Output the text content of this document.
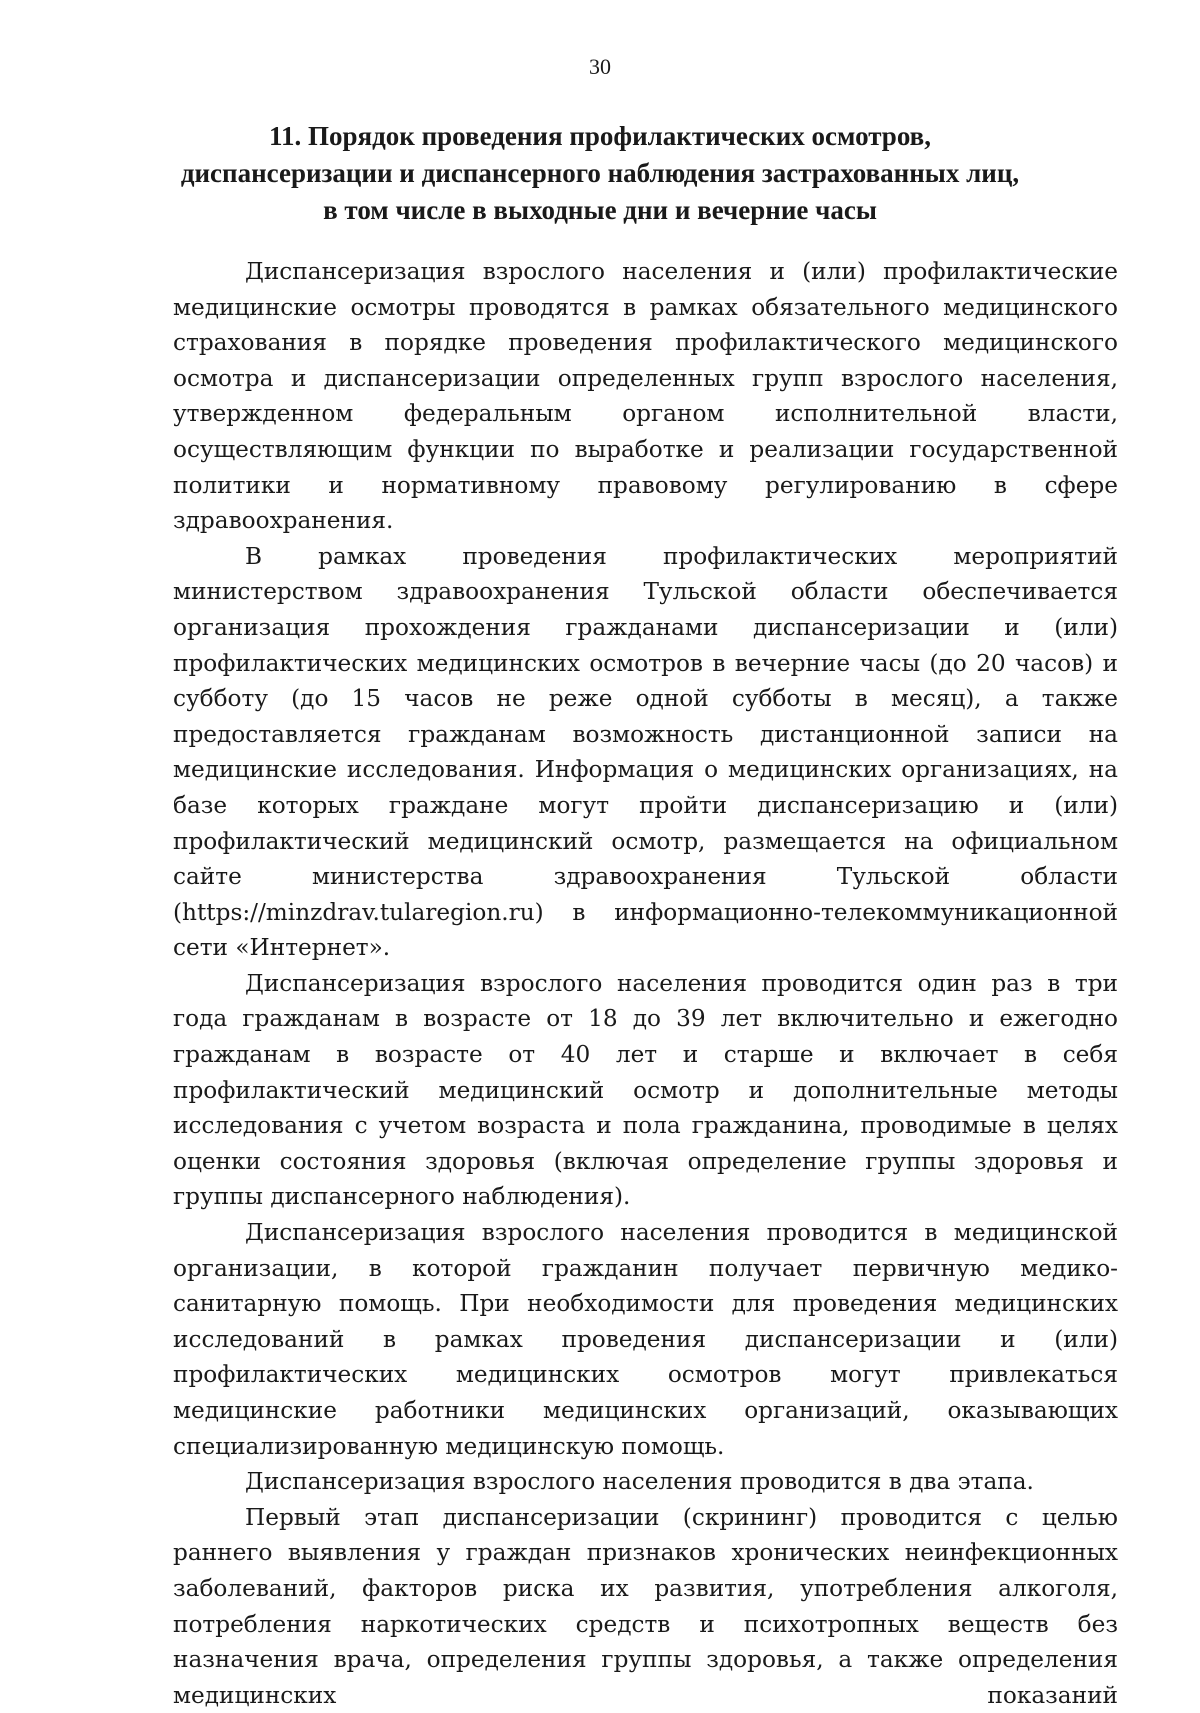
30
11. Порядок проведения профилактических осмотров,
диспансеризации и диспансерного наблюдения застрахованных лиц,
в том числе в выходные дни и вечерние часы

Диспансеризация взрослого населения и (или) профилактические медицинские осмотры проводятся в рамках обязательного медицинского страхования в порядке проведения профилактического медицинского осмотра и диспансеризации определенных групп взрослого населения, утвержденном федеральным органом исполнительной власти, осуществляющим функции по выработке и реализации государственной политики и нормативному правовому регулированию в сфере здравоохранения.

В рамках проведения профилактических мероприятий министерством здравоохранения Тульской области обеспечивается организация прохождения гражданами диспансеризации и (или) профилактических медицинских осмотров в вечерние часы (до 20 часов) и субботу (до 15 часов не реже одной субботы в месяц), а также предоставляется гражданам возможность дистанционной записи на медицинские исследования. Информация о медицинских организациях, на базе которых граждане могут пройти диспансеризацию и (или) профилактический медицинский осмотр, размещается на официальном сайте министерства здравоохранения Тульской области (https://minzdrav.tularegion.ru) в информационно-телекоммуникационной сети «Интернет».

Диспансеризация взрослого населения проводится один раз в три года гражданам в возрасте от 18 до 39 лет включительно и ежегодно гражданам в возрасте от 40 лет и старше и включает в себя профилактический медицинский осмотр и дополнительные методы исследования с учетом возраста и пола гражданина, проводимые в целях оценки состояния здоровья (включая определение группы здоровья и группы диспансерного наблюдения).

Диспансеризация взрослого населения проводится в медицинской организации, в которой гражданин получает первичную медико-санитарную помощь. При необходимости для проведения медицинских исследований в рамках проведения диспансеризации и (или) профилактических медицинских осмотров могут привлекаться медицинские работники медицинских организаций, оказывающих специализированную медицинскую помощь.

Диспансеризация взрослого населения проводится в два этапа.

Первый этап диспансеризации (скрининг) проводится с целью раннего выявления у граждан признаков хронических неинфекционных заболеваний, факторов риска их развития, употребления алкоголя, потребления наркотических средств и психотропных веществ без назначения врача, определения группы здоровья, а также определения медицинских показаний
